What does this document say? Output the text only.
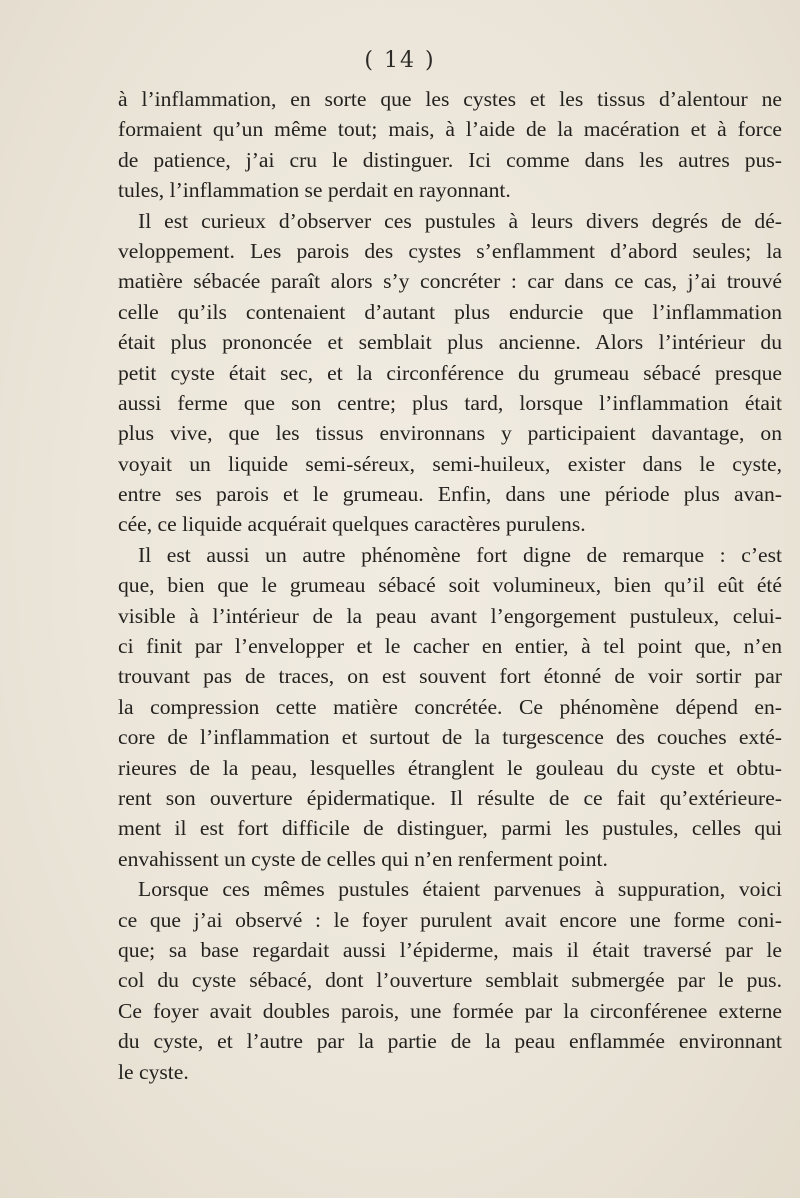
( 14 )

à l’inflammation, en sorte que les cystes et les tissus d’alentour ne
formaient qu’un même tout; mais, à l’aide de la macération et à force
de patience, j’ai cru le distinguer. Ici comme dans les autres pus-
tules, l’inflammation se perdait en rayonnant.

Il est curieux d’observer ces pustules à leurs divers degrés de dé-
veloppement. Les parois des cystes s’enflamment d’abord seules; la
matière sébacée paraît alors s’y concréter : car dans ce cas, j’ai trouvé
celle qu’ils contenaient d’autant plus endurcie que l’inflammation
était plus prononcée et semblait plus ancienne. Alors l’intérieur du
petit cyste était sec, et la circonférence du grumeau sébacé presque
aussi ferme que son centre; plus tard, lorsque l’inflammation était
plus vive, que les tissus environnans y participaient davantage, on
voyait un liquide semi-séreux, semi-huileux, exister dans le cyste,
entre ses parois et le grumeau. Enfin, dans une période plus avan-
cée, ce liquide acquérait quelques caractères purulens.

Il est aussi un autre phénomène fort digne de remarque : c’est
que, bien que le grumeau sébacé soit volumineux, bien qu’il eût été
visible à l’intérieur de la peau avant l’engorgement pustuleux, celui-
ci finit par l’envelopper et le cacher en entier, à tel point que, n’en
trouvant pas de traces, on est souvent fort étonné de voir sortir par
la compression cette matière concrétée. Ce phénomène dépend en-
core de l’inflammation et surtout de la turgescence des couches exté-
rieures de la peau, lesquelles étranglent le gouleau du cyste et obtu-
rent son ouverture épidermatique. Il résulte de ce fait qu’extérieure-
ment il est fort difficile de distinguer, parmi les pustules, celles qui
envahissent un cyste de celles qui n’en renferment point.

Lorsque ces mêmes pustules étaient parvenues à suppuration, voici
ce que j’ai observé : le foyer purulent avait encore une forme coni-
que; sa base regardait aussi l’épiderme, mais il était traversé par le
col du cyste sébacé, dont l’ouverture semblait submergée par le pus.
Ce foyer avait doubles parois, une formée par la circonférenee externe
du cyste, et l’autre par la partie de la peau enflammée environnant
le cyste.
